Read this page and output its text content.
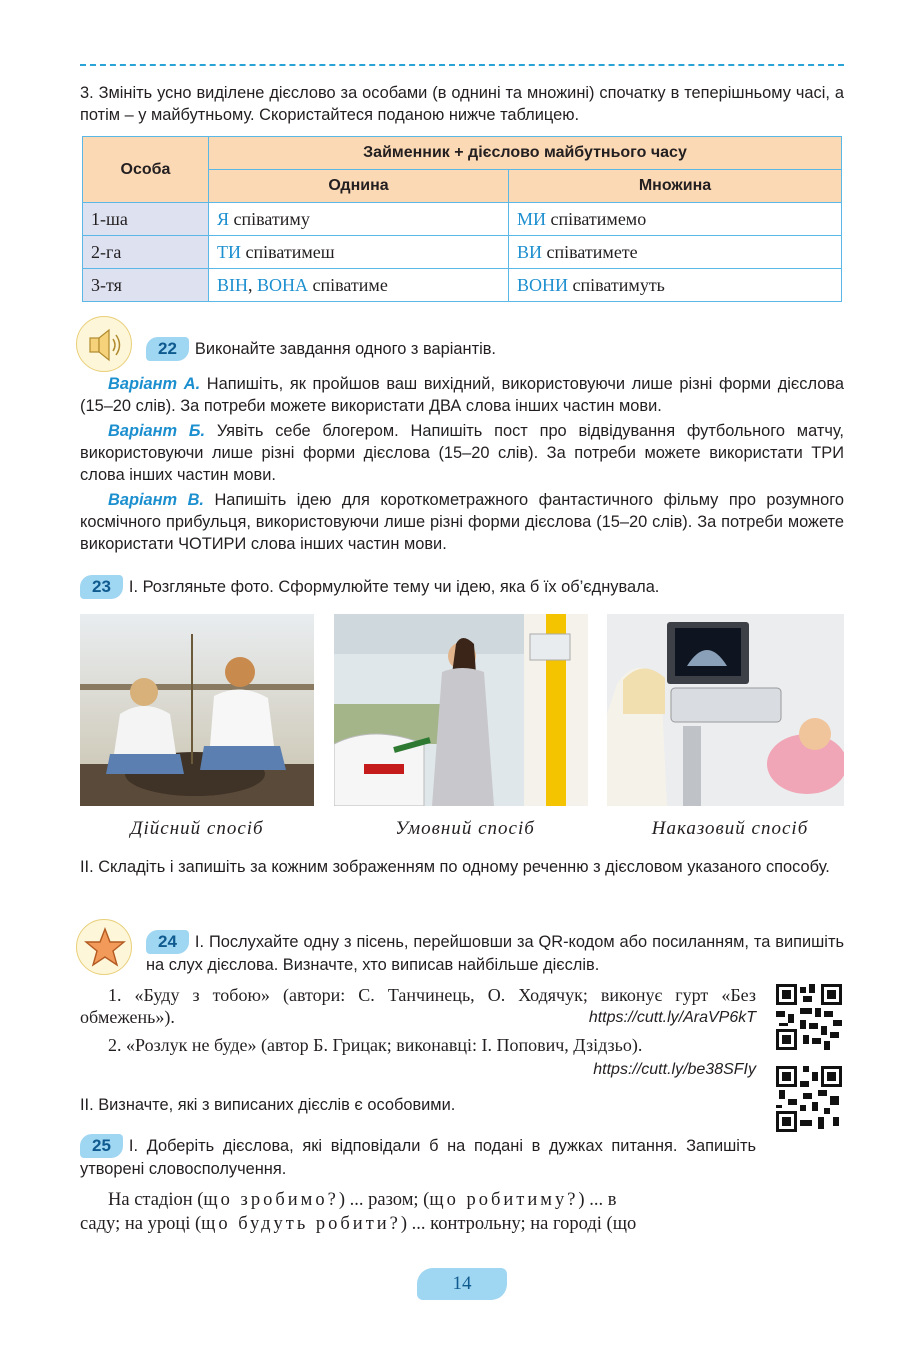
3. Змініть усно виділене дієслово за особами (в однині та множині) спочатку в теперішньому часі, а потім – у майбутньому. Скористайтеся поданою нижче таблицею.

Особа	Займенник + дієслово майбутнього часу	
	Однина	Множина
1-ша	Я співатиму	МИ співатимемо
2-га	ТИ співатимеш	ВИ співатимете
3-тя	ВІН, ВОНА співатиме	ВОНИ співатимуть
22 Виконайте завдання одного з варіантів.

Варіант А. Напишіть, як пройшов ваш вихідний, використовуючи лише різні форми дієслова (15–20 слів). За потреби можете використати ДВА слова інших частин мови.

Варіант Б. Уявіть себе блогером. Напишіть пост про відвідування футбольного матчу, використовуючи лише різні форми дієслова (15–20 слів). За потреби можете використати ТРИ слова інших частин мови.

Варіант В. Напишіть ідею для короткометражного фантастичного фільму про розумного космічного прибульця, використовуючи лише різні форми дієслова (15–20 слів). За потреби можете використати ЧОТИРИ слова інших частин мови.

23 І. Розгляньте фото. Сформулюйте тему чи ідею, яка б їх об’єднувала.
Дійсний спосіб	Умовний спосіб	Наказовий спосіб

ІІ. Складіть і запишіть за кожним зображенням по одному реченню з дієсловом указаного способу.

24 І. Послухайте одну з пісень, перейшовши за QR-кодом або посиланням, та випишіть на слух дієслова. Визначте, хто виписав найбільше дієслів.

1. «Буду з тобою» (автори: С. Танчинець, О. Ходячук; виконує гурт «Без обмежень»).	https://cutt.ly/AraVP6kT

2. «Розлук не буде» (автор Б. Грицак; виконавці: І. Попович, Дзідзьо).

https://cutt.ly/be38SFIy

ІІ. Визначте, які з виписаних дієслів є особовими.

25 І. Доберіть дієслова, які відповідали б на подані в дужках питання. Запишіть утворені словосполучення.

На стадіон (що зробимо?) ... разом; (що робитиму?) ... в
саду; на уроці (що будуть робити?) ... контрольну; на городі (що
14
